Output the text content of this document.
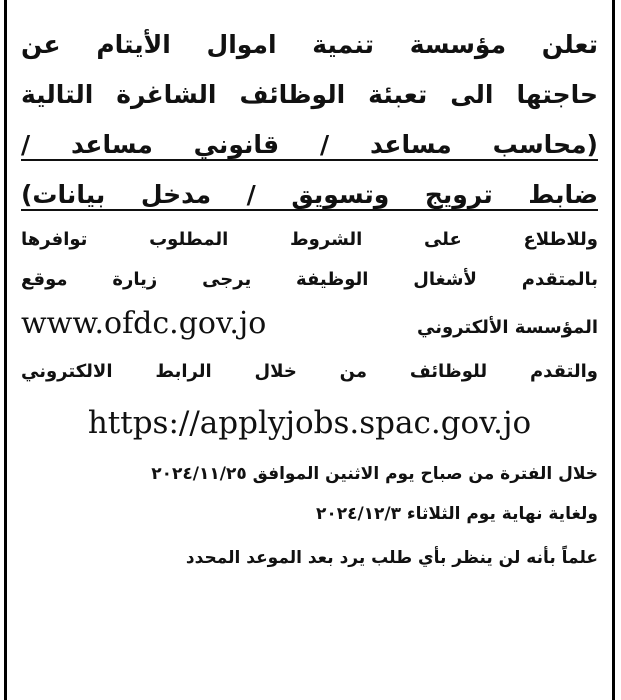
تعلن مؤسسة تنمية اموال الأيتام عن
حاجتها الى تعبئة الوظائف الشاغرة التالية
(محاسب مساعد / قانوني مساعد /
ضابط ترويج وتسويق / مدخل بيانات)
وللاطلاع على الشروط المطلوب توافرها
بالمتقدم لأشغال الوظيفة يرجى زيارة موقع
المؤسسة الألكتروني
www.ofdc.gov.jo
والتقدم للوظائف من خلال الرابط الالكتروني
https://applyjobs.spac.gov.jo
خلال الفترة من صباح يوم الاثنين الموافق ٢٠٢٤/١١/٢٥
ولغاية نهاية يوم الثلاثاء ٢٠٢٤/١٢/٣
علماً بأنه لن ينظر بأي طلب يرد بعد الموعد المحدد
